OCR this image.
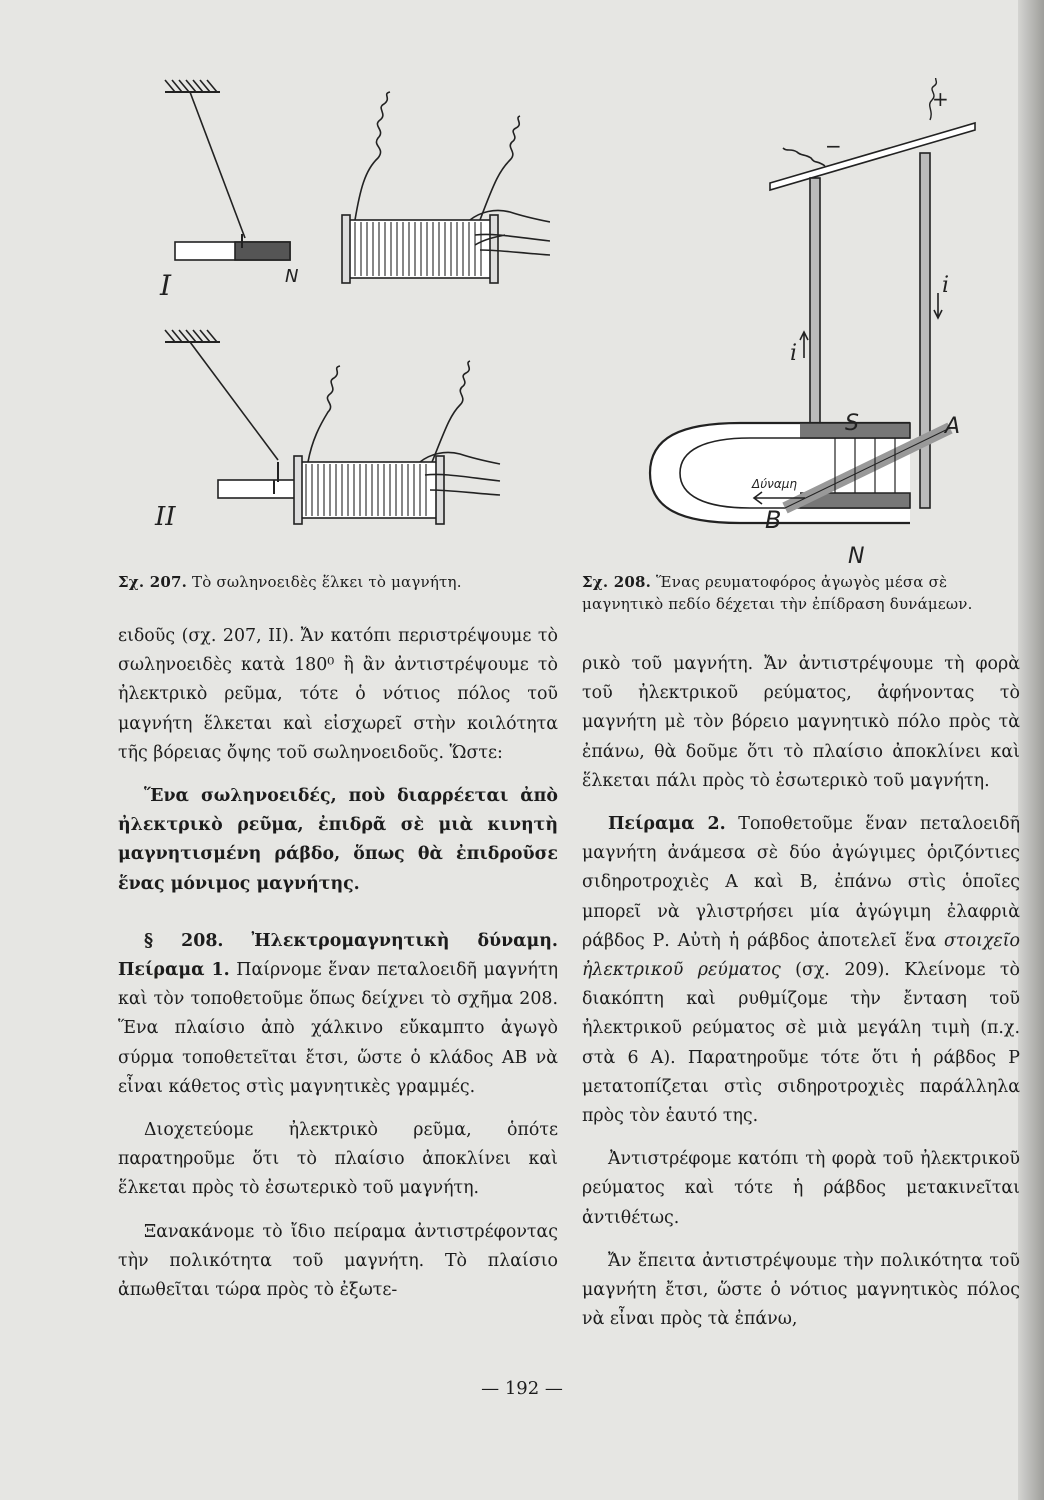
I	N
II
Σχ. 207. Τὸ σωληνοειδὲς ἕλκει τὸ μαγνήτη.
+
−
i
i
S	A
B
N
Δύναμη
Σχ. 208. Ἕνας ρευματοφόρος ἀγωγὸς μέσα σὲ μαγνητικὸ πεδίο δέχεται τὴν ἐπίδραση δυνάμεων.

ειδοῦς (σχ. 207, II). Ἄν κατόπι περιστρέψουμε τὸ σωληνοειδὲς κατὰ 180⁰ ἢ ἂν ἀντιστρέψουμε τὸ ἠλεκτρικὸ ρεῦμα, τότε ὁ νότιος πόλος τοῦ μαγνήτη ἕλκεται καὶ εἰσχωρεῖ στὴν κοιλότητα τῆς βόρειας ὄψης τοῦ σωληνοειδοῦς. Ὥστε:

Ἕνα σωληνοειδές, ποὺ διαρρέεται ἀπὸ ἠλεκτρικὸ ρεῦμα, ἐπιδρᾶ σὲ μιὰ κινητὴ μαγνητισμένη ράβδο, ὅπως θὰ ἐπιδροῦσε ἕνας μόνιμος μαγνήτης.

§ 208. Ἠλεκτρομαγνητικὴ δύναμη. Πείραμα 1. Παίρνομε ἕναν πεταλοειδῆ μαγνήτη καὶ τὸν τοποθετοῦμε ὅπως δείχνει τὸ σχῆμα 208. Ἕνα πλαίσιο ἀπὸ χάλκινο εὔκαμπτο ἀγωγὸ σύρμα τοποθετεῖται ἔτσι, ὥστε ὁ κλάδος ΑΒ νὰ εἶναι κάθετος στὶς μαγνητικὲς γραμμές.

Διοχετεύομε ἠλεκτρικὸ ρεῦμα, ὁπότε παρατηροῦμε ὅτι τὸ πλαίσιο ἀποκλίνει καὶ ἕλκεται πρὸς τὸ ἐσωτερικὸ τοῦ μαγνήτη.

Ξανακάνομε τὸ ἴδιο πείραμα ἀντιστρέφοντας τὴν πολικότητα τοῦ μαγνήτη. Τὸ πλαίσιο ἀπωθεῖται τώρα πρὸς τὸ ἐξωτε-

ρικὸ τοῦ μαγνήτη. Ἄν ἀντιστρέψουμε τὴ φορὰ τοῦ ἠλεκτρικοῦ ρεύματος, ἀφήνοντας τὸ μαγνήτη μὲ τὸν βόρειο μαγνητικὸ πόλο πρὸς τὰ ἐπάνω, θὰ δοῦμε ὅτι τὸ πλαίσιο ἀποκλίνει καὶ ἕλκεται πάλι πρὸς τὸ ἐσωτερικὸ τοῦ μαγνήτη.

Πείραμα 2. Τοποθετοῦμε ἕναν πεταλοειδῆ μαγνήτη ἀνάμεσα σὲ δύο ἀγώγιμες ὁριζόντιες σιδηροτροχιὲς Α καὶ Β, ἐπάνω στὶς ὁποῖες μπορεῖ νὰ γλιστρήσει μία ἀγώγιμη ἐλαφριὰ ράβδος Ρ. Αὐτὴ ἡ ράβδος ἀποτελεῖ ἕνα στοιχεῖο ἠλεκτρικοῦ ρεύματος (σχ. 209). Κλείνομε τὸ διακόπτη καὶ ρυθμίζομε τὴν ἔνταση τοῦ ἠλεκτρικοῦ ρεύματος σὲ μιὰ μεγάλη τιμὴ (π.χ. στὰ 6 Α). Παρατηροῦμε τότε ὅτι ἡ ράβδος Ρ μετατοπίζεται στὶς σιδηροτροχιὲς παράλληλα πρὸς τὸν ἑαυτό της.

Ἀντιστρέφομε κατόπι τὴ φορὰ τοῦ ἠλεκτρικοῦ ρεύματος καὶ τότε ἡ ράβδος μετακινεῖται ἀντιθέτως.

Ἄν ἔπειτα ἀντιστρέψουμε τὴν πολικότητα τοῦ μαγνήτη ἔτσι, ὥστε ὁ νότιος μαγνητικὸς πόλος νὰ εἶναι πρὸς τὰ ἐπάνω,

— 192 —
